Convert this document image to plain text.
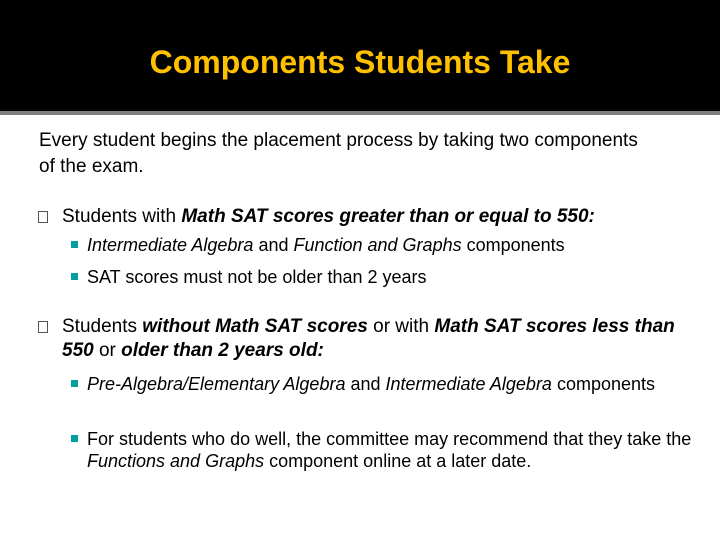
Components Students Take
Every student begins the placement process by taking two components of the exam.
Students with Math SAT scores greater than or equal to 550:
Intermediate Algebra and Function and Graphs components
SAT scores must not be older than 2 years
Students without Math SAT scores or with Math SAT scores less than 550 or older than 2 years old:
Pre-Algebra/Elementary Algebra and Intermediate Algebra components
For students who do well, the committee may recommend that they take the Functions and Graphs component online at a later date.
